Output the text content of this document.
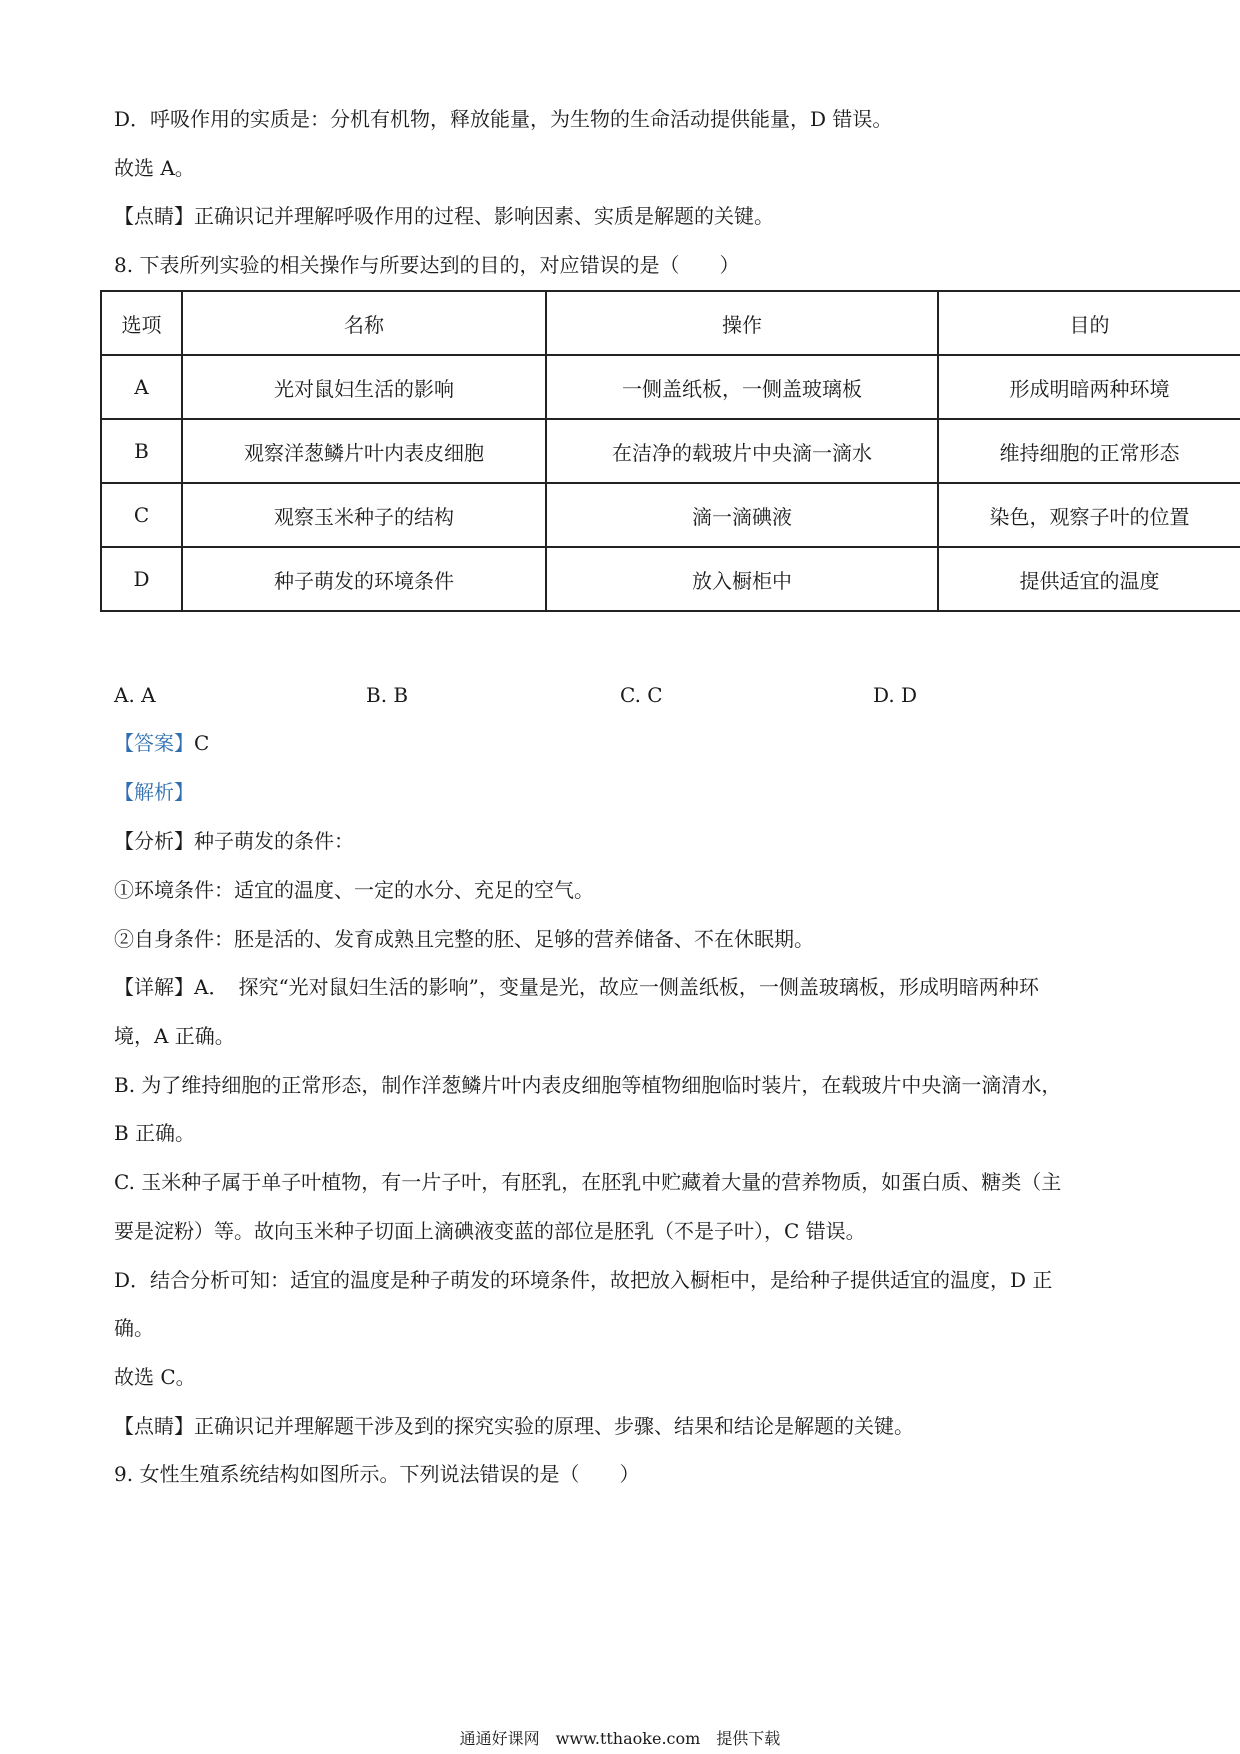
D．呼吸作用的实质是：分机有机物，释放能量，为生物的生命活动提供能量，D 错误。
故选 A。
【点睛】正确识记并理解呼吸作用的过程、影响因素、实质是解题的关键。
8. 下表所列实验的相关操作与所要达到的目的，对应错误的是（　　）
选项	名称	操作	目的
A	光对鼠妇生活的影响	一侧盖纸板，一侧盖玻璃板	形成明暗两种环境
B	观察洋葱鳞片叶内表皮细胞	在洁净的载玻片中央滴一滴水	维持细胞的正常形态
C	观察玉米种子的结构	滴一滴碘液	染色，观察子叶的位置
D	种子萌发的环境条件	放入橱柜中	提供适宜的温度
A. A	B. B	C. C	D. D
【答案】C
【解析】
【分析】种子萌发的条件：
①环境条件：适宜的温度、一定的水分、充足的空气。
②自身条件：胚是活的、发育成熟且完整的胚、足够的营养储备、不在休眠期。
【详解】A．　探究“光对鼠妇生活的影响”，变量是光，故应一侧盖纸板，一侧盖玻璃板，形成明暗两种环
境，A 正确。
B. 为了维持细胞的正常形态，制作洋葱鳞片叶内表皮细胞等植物细胞临时装片，在载玻片中央滴一滴清水，
B 正确。
C. 玉米种子属于单子叶植物，有一片子叶，有胚乳，在胚乳中贮藏着大量的营养物质，如蛋白质、糖类（主
要是淀粉）等。故向玉米种子切面上滴碘液变蓝的部位是胚乳（不是子叶），C 错误。
D．结合分析可知：适宜的温度是种子萌发的环境条件，故把放入橱柜中，是给种子提供适宜的温度，D 正
确。
故选 C。
【点睛】正确识记并理解题干涉及到的探究实验的原理、步骤、结果和结论是解题的关键。
9. 女性生殖系统结构如图所示。下列说法错误的是（　　）
通通好课网　www.tthaoke.com　提供下载
